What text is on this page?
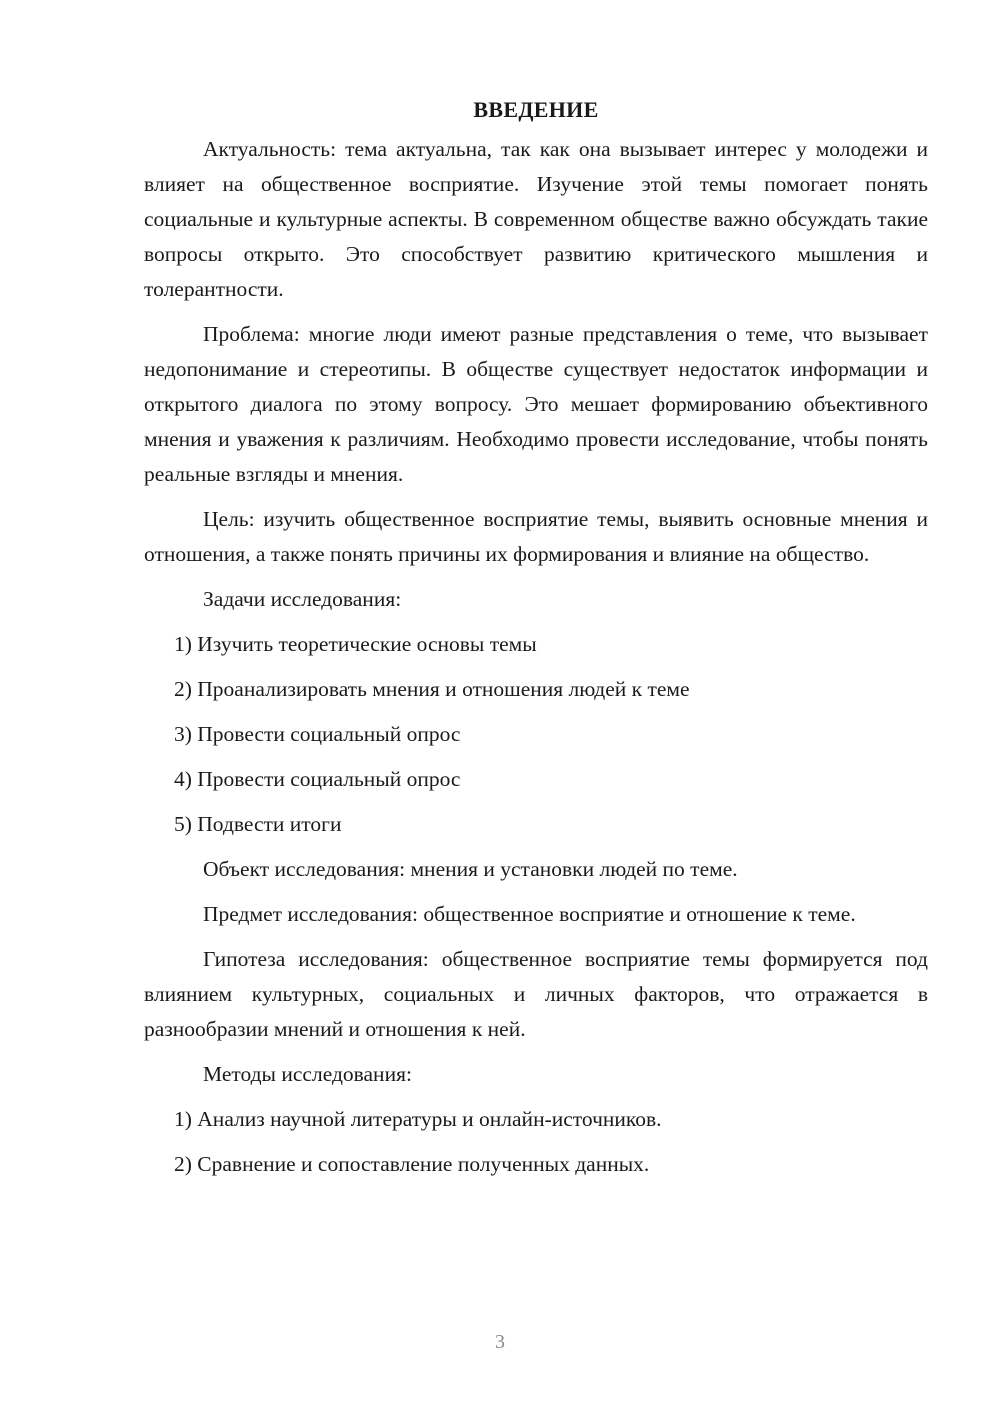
ВВЕДЕНИЕ

Актуальность: тема актуальна, так как она вызывает интерес у молодежи и влияет на общественное восприятие. Изучение этой темы помогает понять социальные и культурные аспекты. В современном обществе важно обсуждать такие вопросы открыто. Это способствует развитию критического мышления и толерантности.

Проблема: многие люди имеют разные представления о теме, что вызывает недопонимание и стереотипы. В обществе существует недостаток информации и открытого диалога по этому вопросу. Это мешает формированию объективного мнения и уважения к различиям. Необходимо провести исследование, чтобы понять реальные взгляды и мнения.

Цель: изучить общественное восприятие темы, выявить основные мнения и отношения, а также понять причины их формирования и влияние на общество.

Задачи исследования:
1) Изучить теоретические основы темы
2) Проанализировать мнения и отношения людей к теме
3) Провести социальный опрос
4) Провести социальный опрос
5) Подвести итоги
Объект исследования: мнения и установки людей по теме.

Предмет исследования: общественное восприятие и отношение к теме.

Гипотеза исследования: общественное восприятие темы формируется под влиянием культурных, социальных и личных факторов, что отражается в разнообразии мнений и отношения к ней.

Методы исследования:
1) Анализ научной литературы и онлайн-источников.
2) Сравнение и сопоставление полученных данных.
3
